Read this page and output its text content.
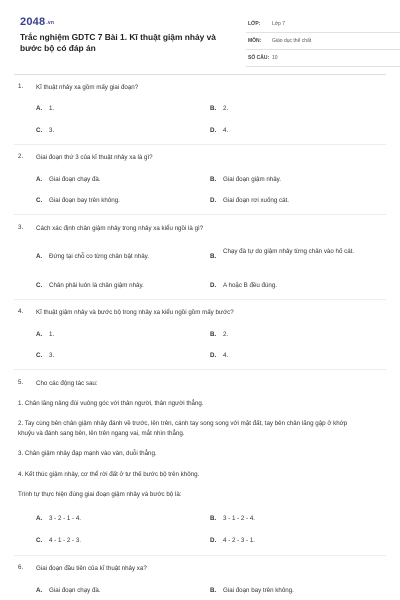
$2048^{.vn}$
Trắc nghiệm GDTC 7 Bài 1. Kĩ thuật giậm nhảy và bước bộ có đáp án
LỚP: Lớp 7
MÔN: Giáo dục thể chất
SỐ CÂU: 10
1. Kĩ thuật nhảy xa gồm mấy giai đoạn?
A. 1.	B. 2.
C. 3.	D. 4.
2. Giai đoạn thứ 3 của kĩ thuật nhảy xa là gì?
A. Giai đoạn chạy đà.	B. Giai đoạn giậm nhảy.
C. Giai đoạn bay trên không.	D. Giai đoạn rơi xuống cát.
3. Cách xác định chân giậm nhảy trong nhảy xa kiểu ngồi là gì?
A. Đứng tại chỗ co từng chân bật nhảy.	B.
Chạy đà tự do giậm nhảy từng chân vào hố cát.
C. Chân phải luôn là chân giậm nhảy.	D. A hoặc B đều đúng.
4. Kĩ thuật giậm nhảy và bước bộ trong nhảy xa kiểu ngồi gồm mấy bước?
A. 1.	B. 2.
C. 3.	D. 4.
5. Cho các động tác sau:
1. Chân lăng nâng đùi vuông góc với thân người, thân người thẳng.
2. Tay cùng bên chân giậm nhảy đánh về trước, lên trên, cánh tay song song với mặt đất, tay bên chân lăng gập ở khớp khuỷu và đánh sang bên, lên trên ngang vai, mắt nhìn thẳng.
3. Chân giậm nhảy đạp mạnh vào ván, duỗi thẳng.
4. Kết thúc giậm nhảy, cơ thể rời đất ở tư thế bước bộ trên không.
Trình tự thực hiện đúng giai đoạn giậm nhảy và bước bộ là:
A. 3 - 2 - 1 - 4.	B. 3 - 1 - 2 - 4.
C. 4 - 1 - 2 - 3.	D. 4 - 2 - 3 - 1.
6. Giai đoạn đầu tiên của kĩ thuật nhảy xa?
A. Giai đoạn chạy đà.	B. Giai đoạn bay trên không.
